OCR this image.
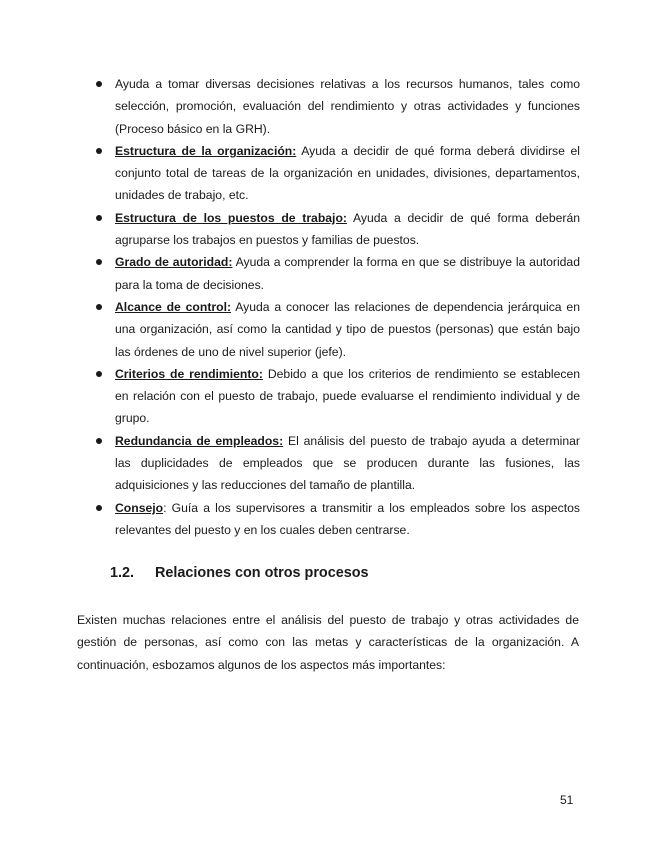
Ayuda a tomar diversas decisiones relativas a los recursos humanos, tales como selección, promoción, evaluación del rendimiento y otras actividades y funciones (Proceso básico en la GRH).
Estructura de la organización: Ayuda a decidir de qué forma deberá dividirse el conjunto total de tareas de la organización en unidades, divisiones, departamentos, unidades de trabajo, etc.
Estructura de los puestos de trabajo: Ayuda a decidir de qué forma deberán agruparse los trabajos en puestos y familias de puestos.
Grado de autoridad: Ayuda a comprender la forma en que se distribuye la autoridad para la toma de decisiones.
Alcance de control: Ayuda a conocer las relaciones de dependencia jerárquica en una organización, así como la cantidad y tipo de puestos (personas) que están bajo las órdenes de uno de nivel superior (jefe).
Criterios de rendimiento: Debido a que los criterios de rendimiento se establecen en relación con el puesto de trabajo, puede evaluarse el rendimiento individual y de grupo.
Redundancia de empleados: El análisis del puesto de trabajo ayuda a determinar las duplicidades de empleados que se producen durante las fusiones, las adquisiciones y las reducciones del tamaño de plantilla.
Consejo: Guía a los supervisores a transmitir a los empleados sobre los aspectos relevantes del puesto y en los cuales deben centrarse.
1.2. Relaciones con otros procesos

Existen muchas relaciones entre el análisis del puesto de trabajo y otras actividades de gestión de personas, así como con las metas y características de la organización. A continuación, esbozamos algunos de los aspectos más importantes:

51
